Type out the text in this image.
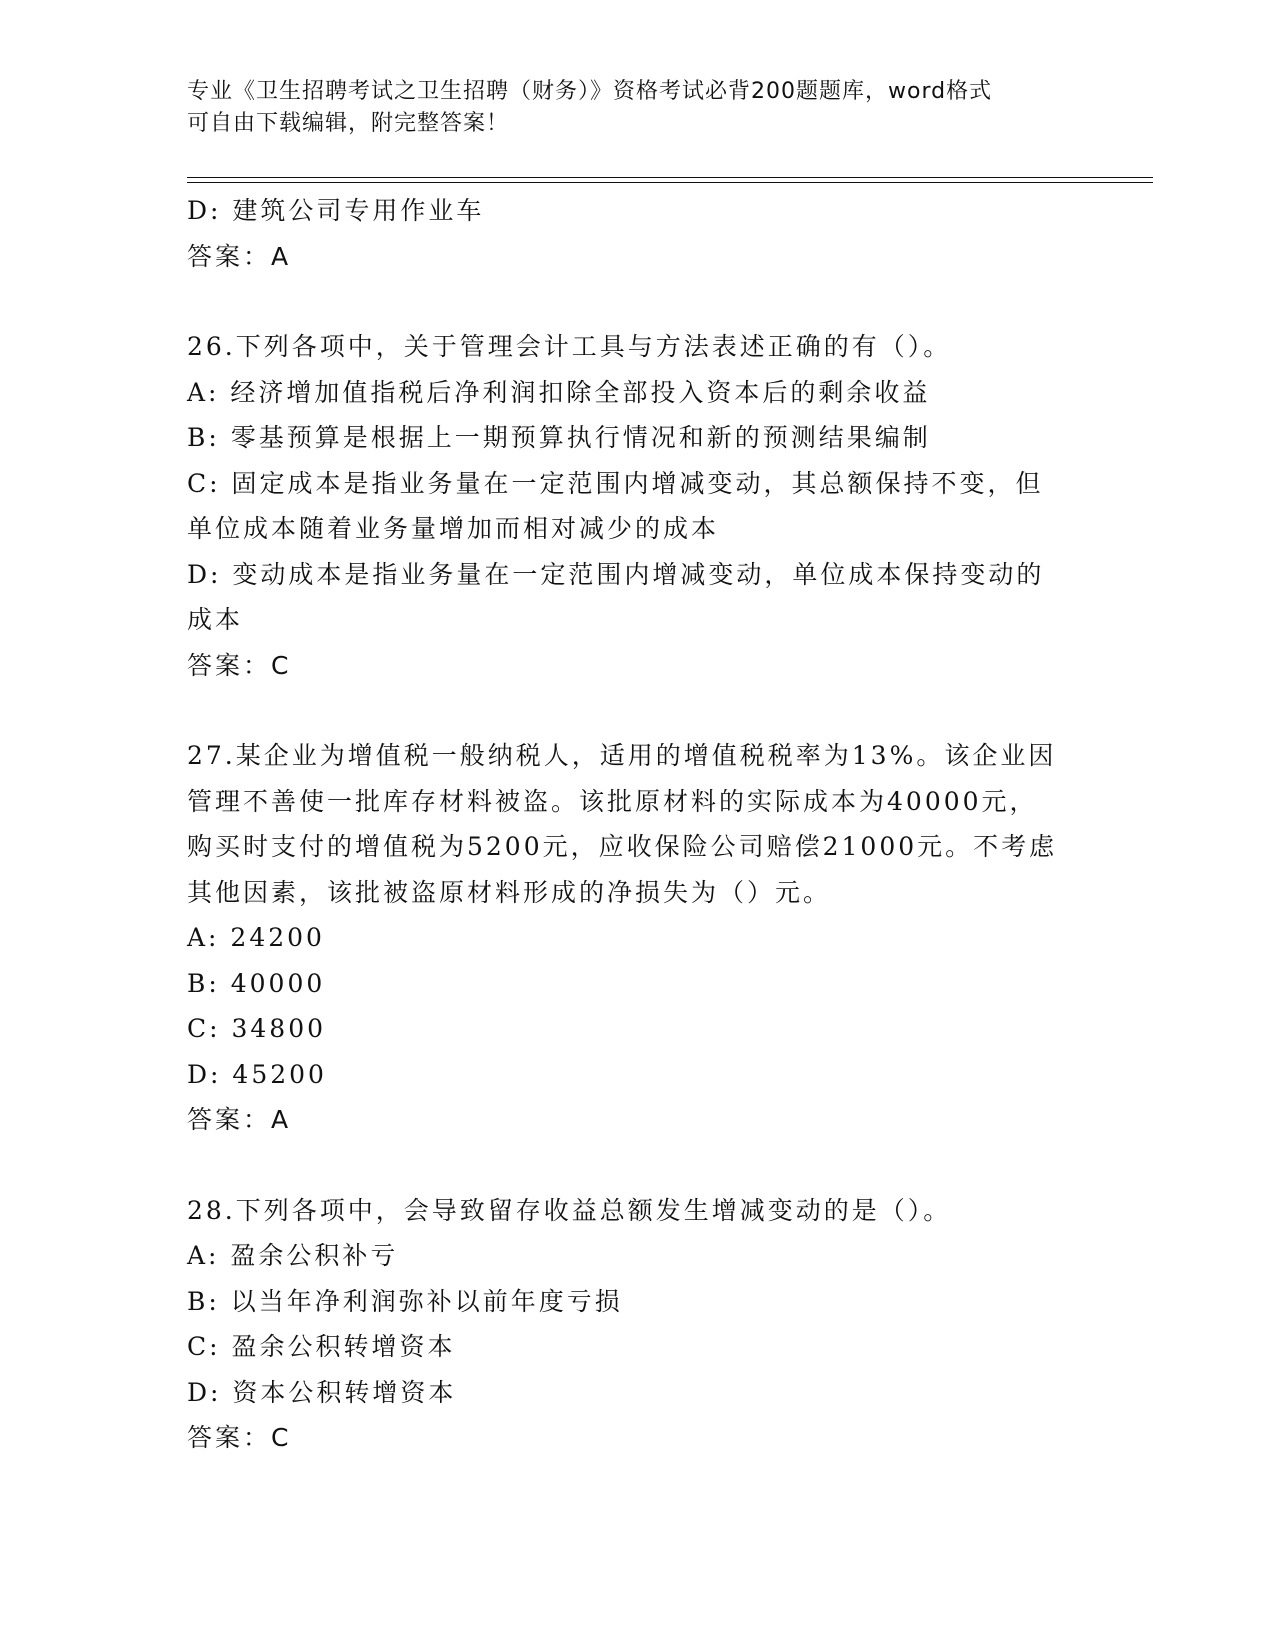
专业《卫生招聘考试之卫生招聘（财务）》资格考试必背200题题库，word格式
可自由下载编辑，附完整答案！
D: 建筑公司专用作业车
答案：A
26.下列各项中，关于管理会计工具与方法表述正确的有（）。
A: 经济增加值指税后净利润扣除全部投入资本后的剩余收益
B: 零基预算是根据上一期预算执行情况和新的预测结果编制
C: 固定成本是指业务量在一定范围内增减变动，其总额保持不变，但
单位成本随着业务量增加而相对减少的成本
D: 变动成本是指业务量在一定范围内增减变动，单位成本保持变动的
成本
答案：C
27.某企业为增值税一般纳税人，适用的增值税税率为13%。该企业因
管理不善使一批库存材料被盗。该批原材料的实际成本为40000元，
购买时支付的增值税为5200元，应收保险公司赔偿21000元。不考虑
其他因素，该批被盗原材料形成的净损失为（）元。
A: 24200
B: 40000
C: 34800
D: 45200
答案：A
28.下列各项中，会导致留存收益总额发生增减变动的是（）。
A: 盈余公积补亏
B: 以当年净利润弥补以前年度亏损
C: 盈余公积转增资本
D: 资本公积转增资本
答案：C
